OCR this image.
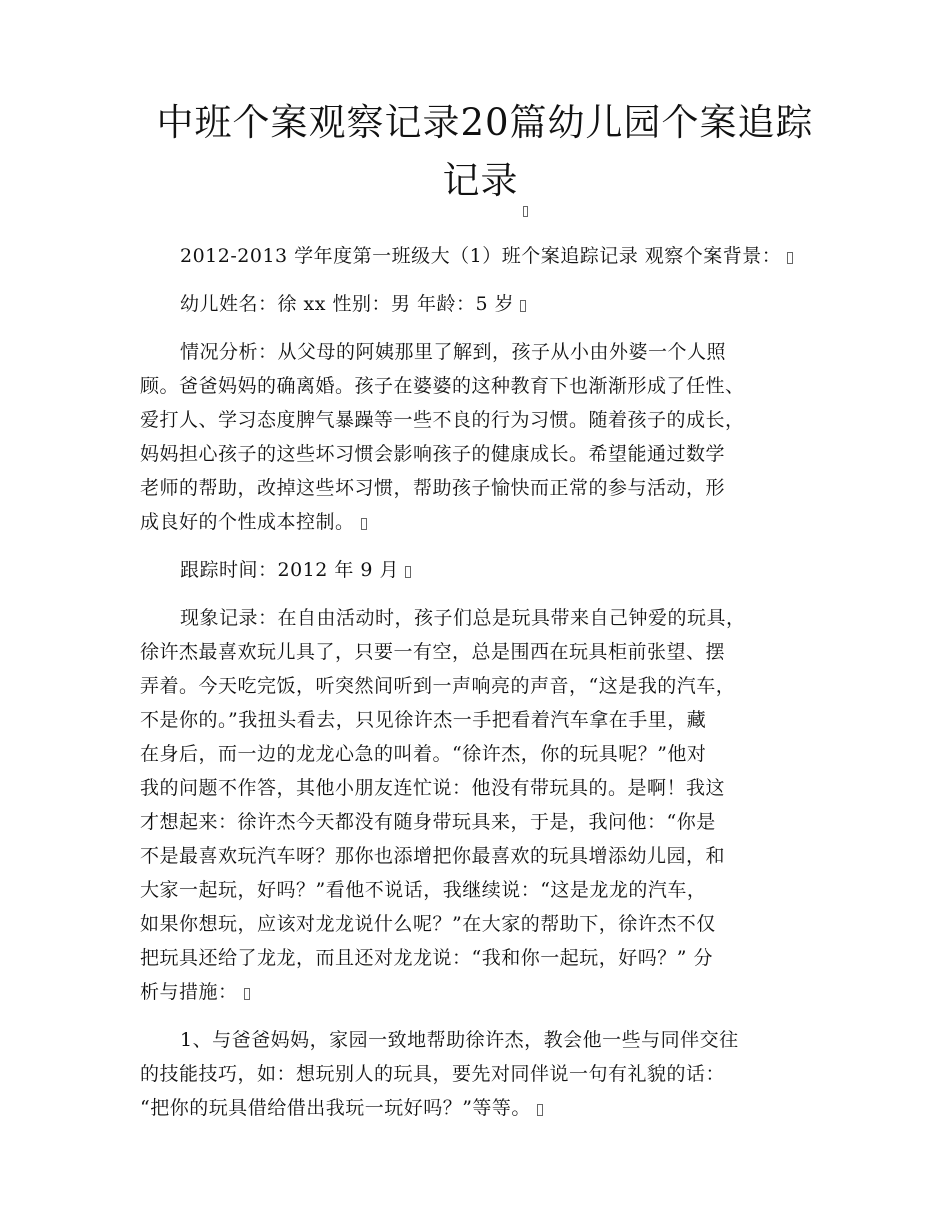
中班个案观察记录20篇幼儿园个案追踪
记录

2012-2013 学年度第一班级大（1）班个案追踪记录 观察个案背景：

幼儿姓名：徐 xx 性别：男 年龄：5 岁

情况分析：从父母的阿姨那里了解到，孩子从小由外婆一个人照
顾。爸爸妈妈的确离婚。孩子在婆婆的这种教育下也渐渐形成了任性、
爱打人、学习态度脾气暴躁等一些不良的行为习惯。随着孩子的成长，
妈妈担心孩子的这些坏习惯会影响孩子的健康成长。希望能通过数学
老师的帮助，改掉这些坏习惯，帮助孩子愉快而正常的参与活动，形
成良好的个性成本控制。

跟踪时间：2012 年 9 月

现象记录：在自由活动时，孩子们总是玩具带来自己钟爱的玩具，
徐许杰最喜欢玩儿具了，只要一有空，总是围西在玩具柜前张望、摆
弄着。今天吃完饭，听突然间听到一声响亮的声音，“这是我的汽车，
不是你的。”我扭头看去，只见徐许杰一手把看着汽车拿在手里，藏
在身后，而一边的龙龙心急的叫着。“徐许杰，你的玩具呢？”他对
我的问题不作答，其他小朋友连忙说：他没有带玩具的。是啊！我这
才想起来：徐许杰今天都没有随身带玩具来，于是，我问他：“你是
不是最喜欢玩汽车呀？那你也添增把你最喜欢的玩具增添幼儿园，和
大家一起玩，好吗？”看他不说话，我继续说：“这是龙龙的汽车，
如果你想玩，应该对龙龙说什么呢？”在大家的帮助下，徐许杰不仅
把玩具还给了龙龙，而且还对龙龙说：“我和你一起玩，好吗？” 分
析与措施：

1、与爸爸妈妈，家园一致地帮助徐许杰，教会他一些与同伴交往
的技能技巧，如：想玩别人的玩具，要先对同伴说一句有礼貌的话：
“把你的玩具借给借出我玩一玩好吗？”等等。
